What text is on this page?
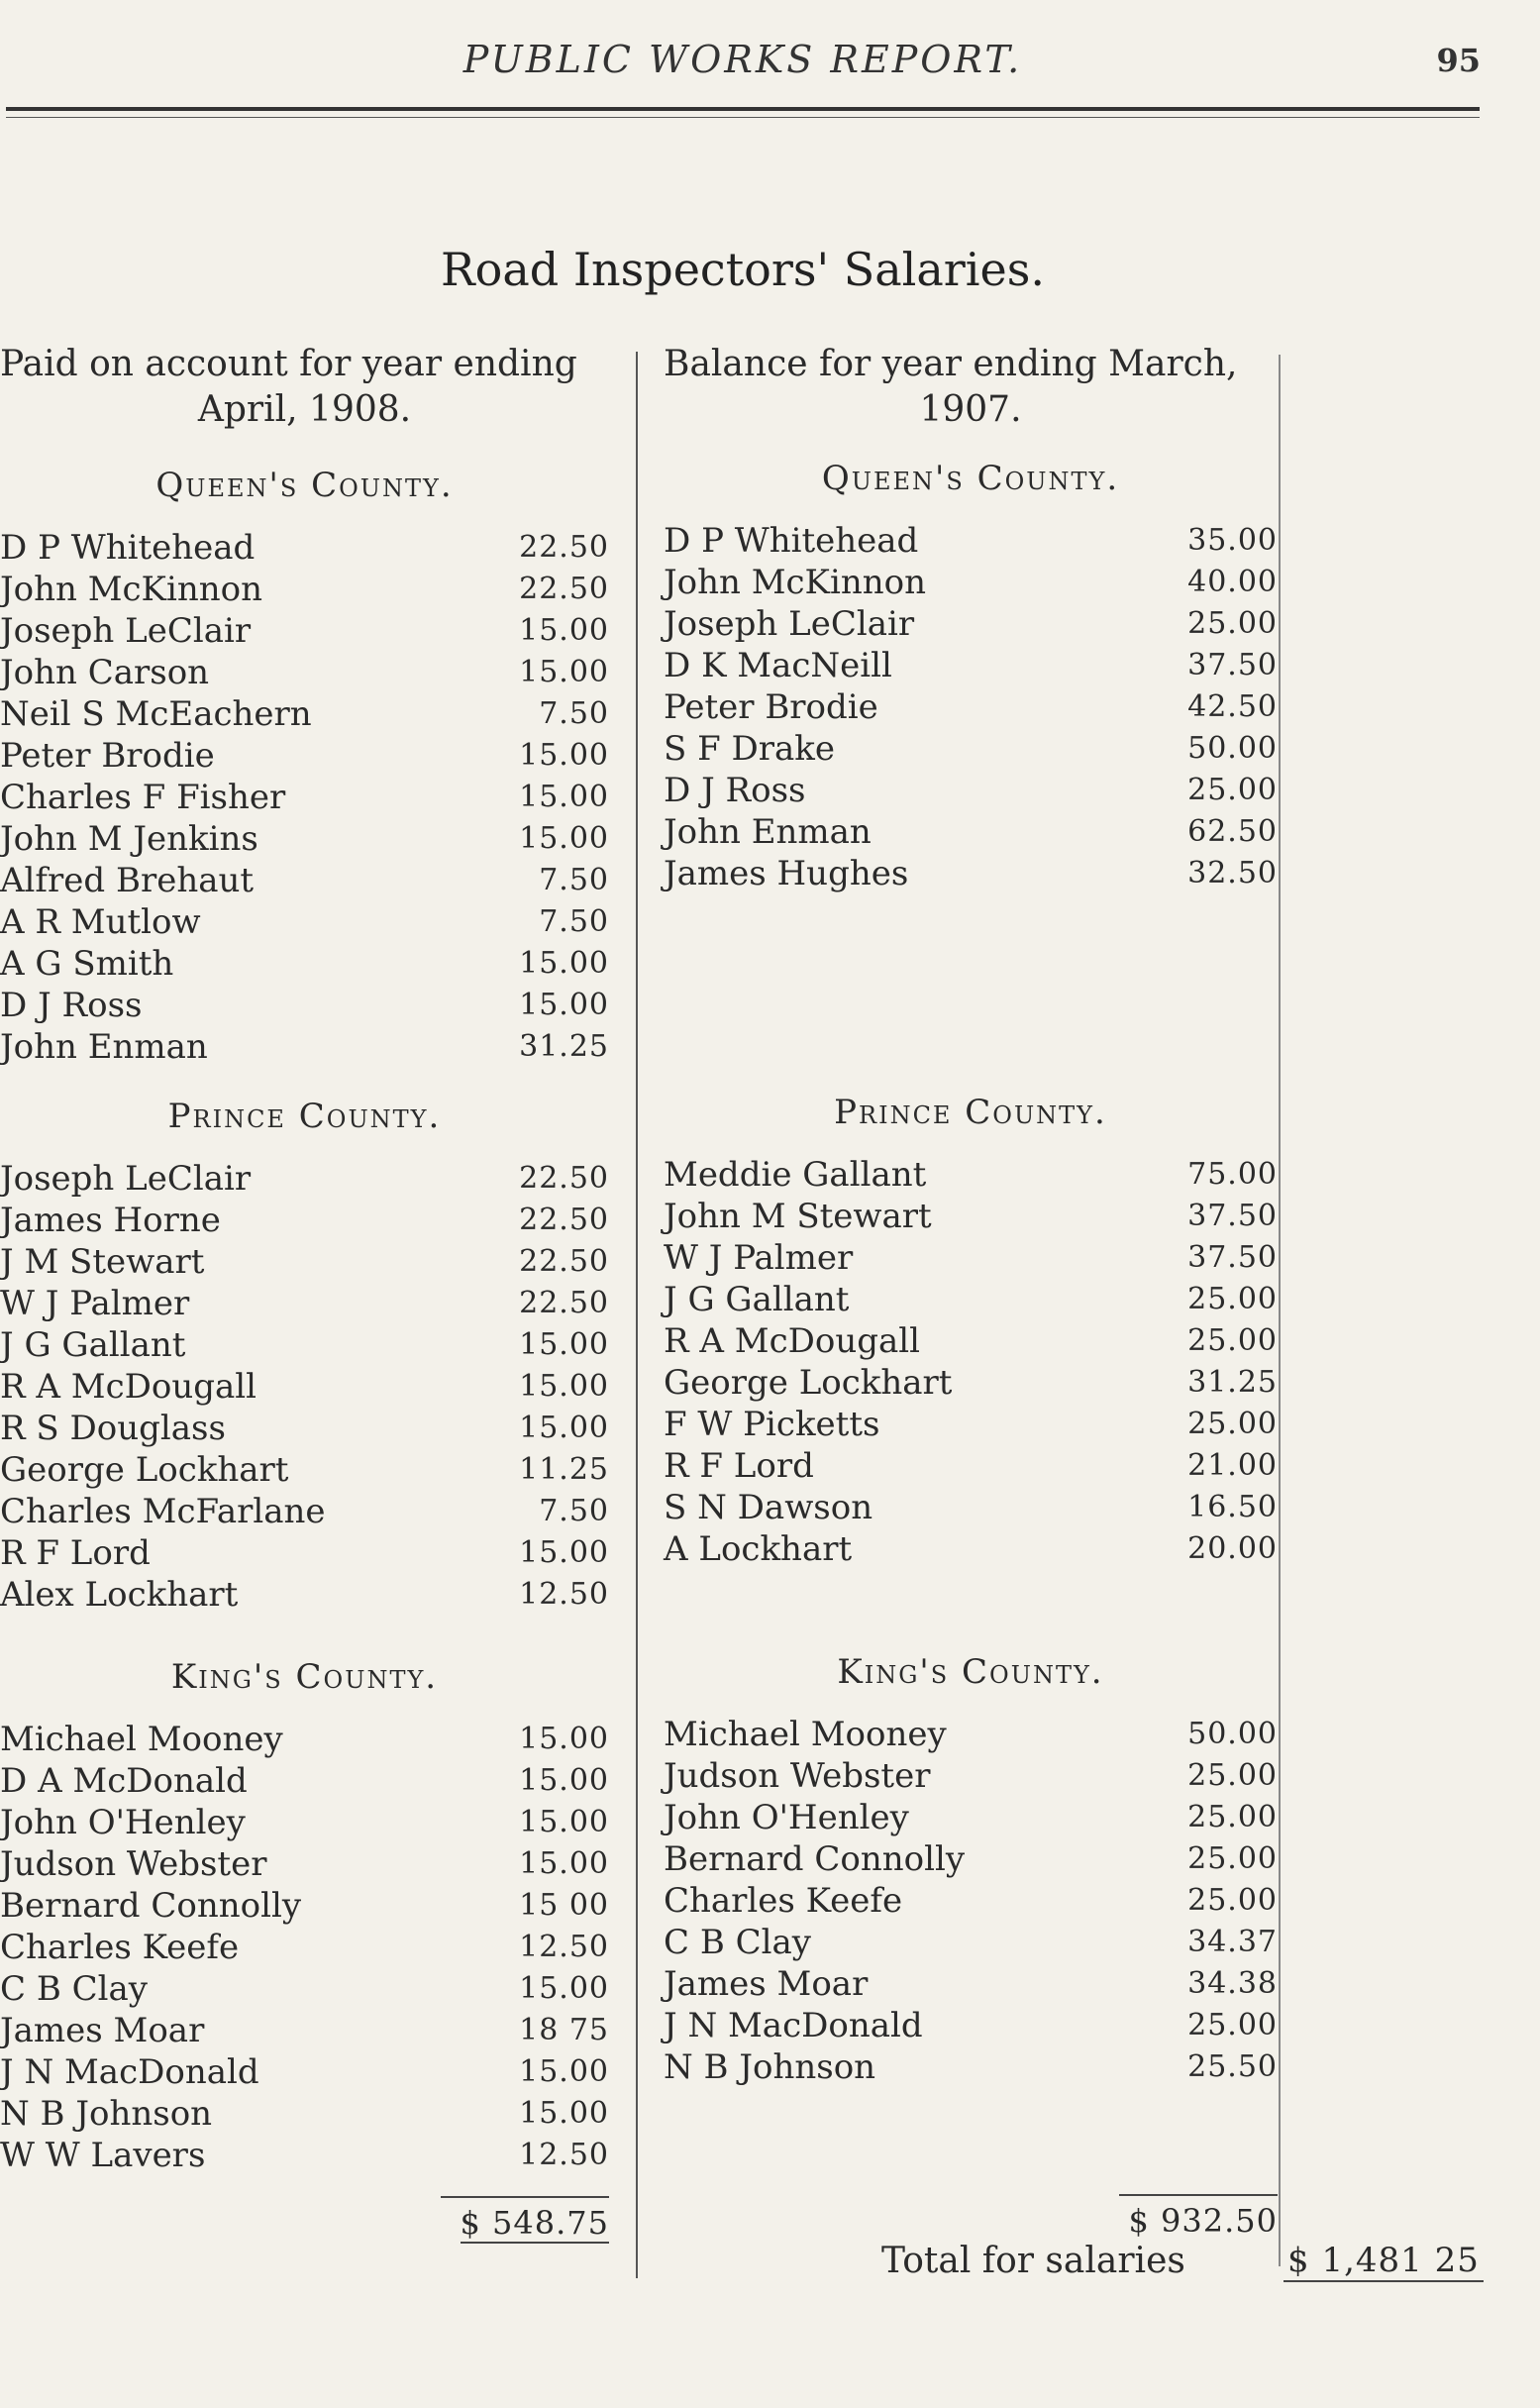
PUBLIC WORKS REPORT.	95
Road Inspectors' Salaries.
Paid on account for year ending
April, 1908.
Queen's County.
D P Whitehead	22.50
John McKinnon	22.50
Joseph LeClair	15.00
John Carson	15.00
Neil S McEachern	7.50
Peter Brodie	15.00
Charles F Fisher	15.00
John M Jenkins	15.00
Alfred Brehaut	7.50
A R Mutlow	7.50
A G Smith	15.00
D J Ross	15.00
John Enman	31.25
Prince County.
Joseph LeClair	22.50
James Horne	22.50
J M Stewart	22.50
W J Palmer	22.50
J G Gallant	15.00
R A McDougall	15.00
R S Douglass	15.00
George Lockhart	11.25
Charles McFarlane	7.50
R F Lord	15.00
Alex Lockhart	12.50
King's County.
Michael Mooney	15.00
D A McDonald	15.00
John O'Henley	15.00
Judson Webster	15.00
Bernard Connolly	15 00
Charles Keefe	12.50
C B Clay	15.00
James Moar	18 75
J N MacDonald	15.00
N B Johnson	15.00
W W Lavers	12.50
$ 548.75
Balance for year ending March,
1907.
Queen's County.
D P Whitehead	35.00
John McKinnon	40.00
Joseph LeClair	25.00
D K MacNeill	37.50
Peter Brodie	42.50
S F Drake	50.00
D J Ross	25.00
John Enman	62.50
James Hughes	32.50
Prince County.
Meddie Gallant	75.00
John M Stewart	37.50
W J Palmer	37.50
J G Gallant	25.00
R A McDougall	25.00
George Lockhart	31.25
F W Picketts	25.00
R F Lord	21.00
S N Dawson	16.50
A Lockhart	20.00
King's County.
Michael Mooney	50.00
Judson Webster	25.00
John O'Henley	25.00
Bernard Connolly	25.00
Charles Keefe	25.00
C B Clay	34.37
James Moar	34.38
J N MacDonald	25.00
N B Johnson	25.50
$ 932.50
Total for salaries	$ 1,481 25
